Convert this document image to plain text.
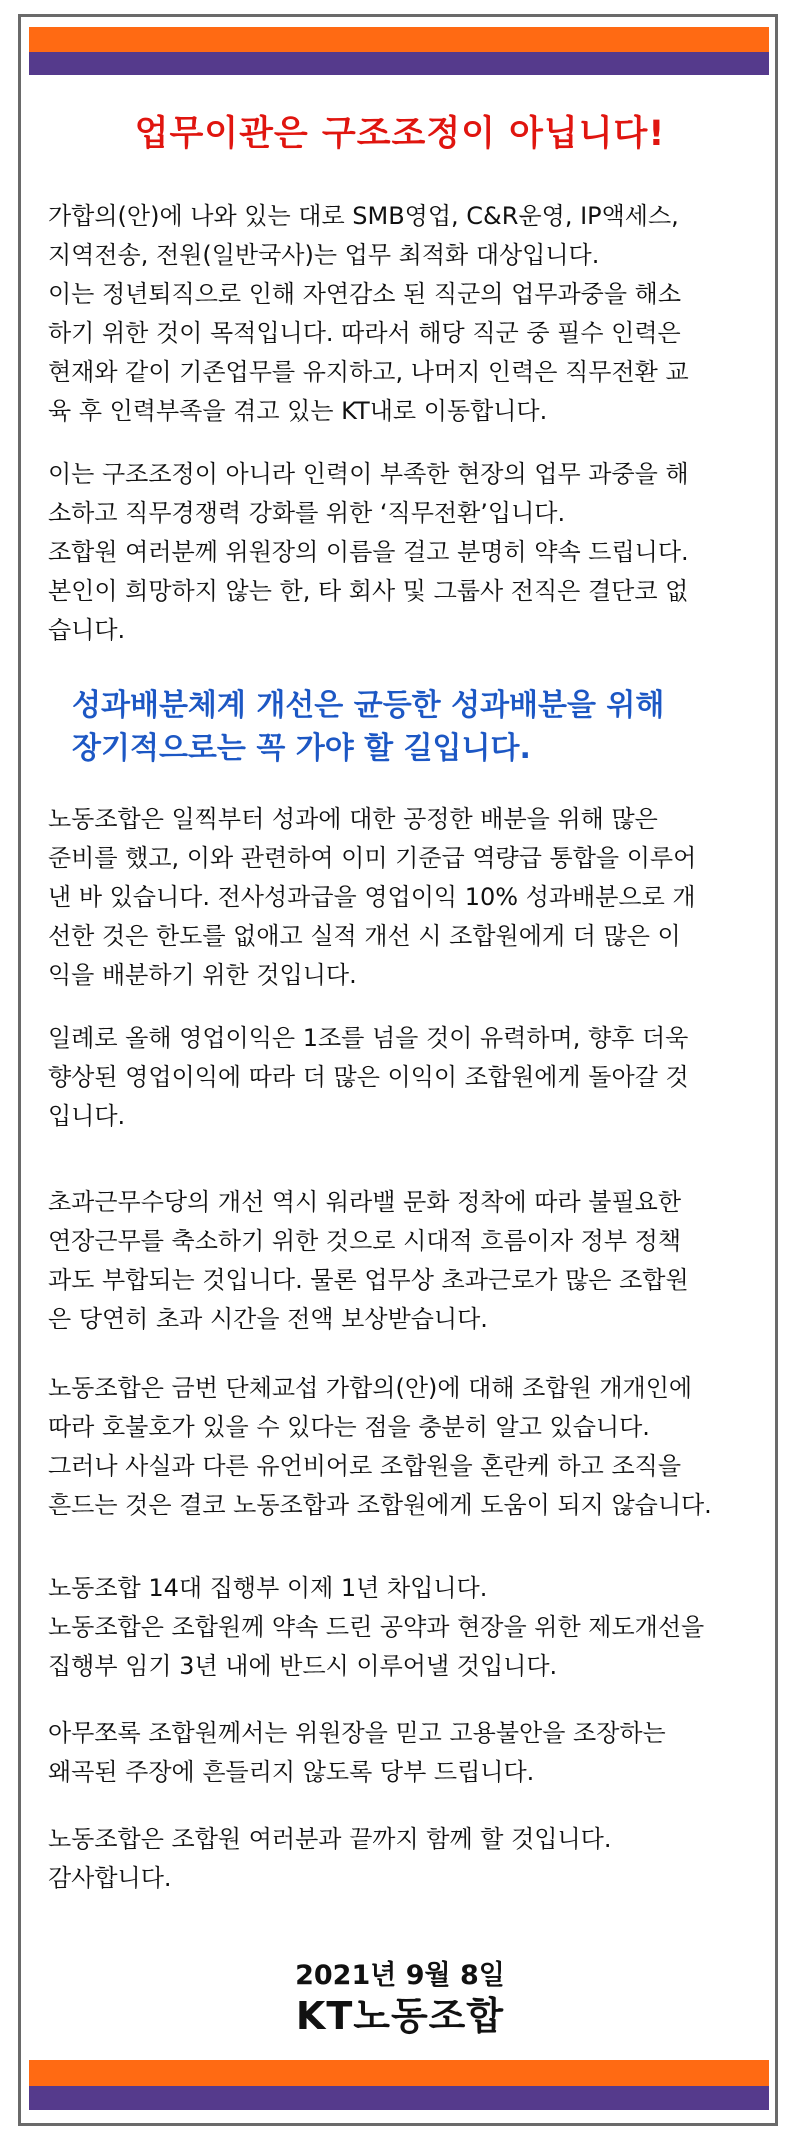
업무이관은 구조조정이 아닙니다!

가합의(안)에 나와 있는 대로 SMB영업, C&R운영, IP액세스,
지역전송, 전원(일반국사)는 업무 최적화 대상입니다.
이는 정년퇴직으로 인해 자연감소 된 직군의 업무과중을 해소
하기 위한 것이 목적입니다. 따라서 해당 직군 중 필수 인력은
현재와 같이 기존업무를 유지하고, 나머지 인력은 직무전환 교
육 후 인력부족을 겪고 있는 KT내로 이동합니다.

이는 구조조정이 아니라 인력이 부족한 현장의 업무 과중을 해
소하고 직무경쟁력 강화를 위한 ‘직무전환’입니다.
조합원 여러분께 위원장의 이름을 걸고 분명히 약속 드립니다.
본인이 희망하지 않는 한, 타 회사 및 그룹사 전직은 결단코 없
습니다.

성과배분체계 개선은 균등한 성과배분을 위해
장기적으로는 꼭 가야 할 길입니다.

노동조합은 일찍부터 성과에 대한 공정한 배분을 위해 많은
준비를 했고, 이와 관련하여 이미 기준급 역량급 통합을 이루어
낸 바 있습니다. 전사성과급을 영업이익 10% 성과배분으로 개
선한 것은 한도를 없애고 실적 개선 시 조합원에게 더 많은 이
익을 배분하기 위한 것입니다.

일례로 올해 영업이익은 1조를 넘을 것이 유력하며, 향후 더욱
향상된 영업이익에 따라 더 많은 이익이 조합원에게 돌아갈 것
입니다.

초과근무수당의 개선 역시 워라밸 문화 정착에 따라 불필요한
연장근무를 축소하기 위한 것으로 시대적 흐름이자 정부 정책
과도 부합되는 것입니다. 물론 업무상 초과근로가 많은 조합원
은 당연히 초과 시간을 전액 보상받습니다.

노동조합은 금번 단체교섭 가합의(안)에 대해 조합원 개개인에
따라 호불호가 있을 수 있다는 점을 충분히 알고 있습니다.
그러나 사실과 다른 유언비어로 조합원을 혼란케 하고 조직을
흔드는 것은 결코 노동조합과 조합원에게 도움이 되지 않습니다.

노동조합 14대 집행부 이제 1년 차입니다.
노동조합은 조합원께 약속 드린 공약과 현장을 위한 제도개선을
집행부 임기 3년 내에 반드시 이루어낼 것입니다.

아무쪼록 조합원께서는 위원장을 믿고 고용불안을 조장하는
왜곡된 주장에 흔들리지 않도록 당부 드립니다.

노동조합은 조합원 여러분과 끝까지 함께 할 것입니다.
감사합니다.

2021년 9월 8일

KT노동조합
